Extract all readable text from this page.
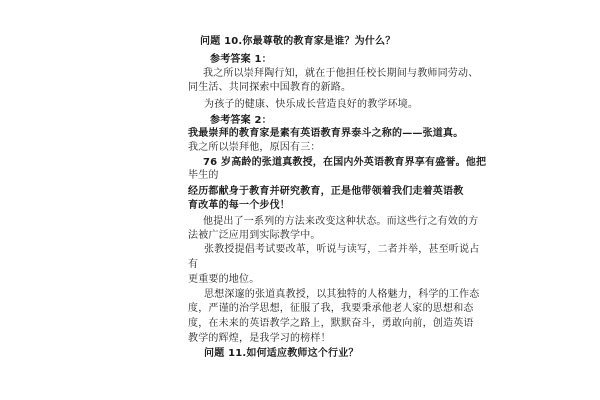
问题 10.你最尊敬的教育家是谁？为什么？
参考答案 1：
我之所以崇拜陶行知，就在于他担任校长期间与教师同劳动、
同生活、共同探索中国教育的新路。
为孩子的健康、快乐成长营造良好的教学环境。
参考答案 2：
我最崇拜的教育家是素有英语教育界泰斗之称的——张道真。
我之所以崇拜他，原因有三：
76 岁高龄的张道真教授，在国内外英语教育界享有盛誉。他把
毕生的
经历都献身于教育并研究教育，正是他带领着我们走着英语教
育改革的每一个步伐！
他提出了一系列的方法来改变这种状态。而这些行之有效的方
法被广泛应用到实际教学中。
张教授提倡考试要改革，听说与读写，二者并举，甚至听说占
有
更重要的地位。
思想深邃的张道真教授，以其独特的人格魅力，科学的工作态
度，严谨的治学思想，征服了我，我要秉承他老人家的思想和态
度，在未来的英语教学之路上，默默奋斗，勇敢向前，创造英语
教学的辉煌，是我学习的榜样！
问题 11.如何适应教师这个行业？
